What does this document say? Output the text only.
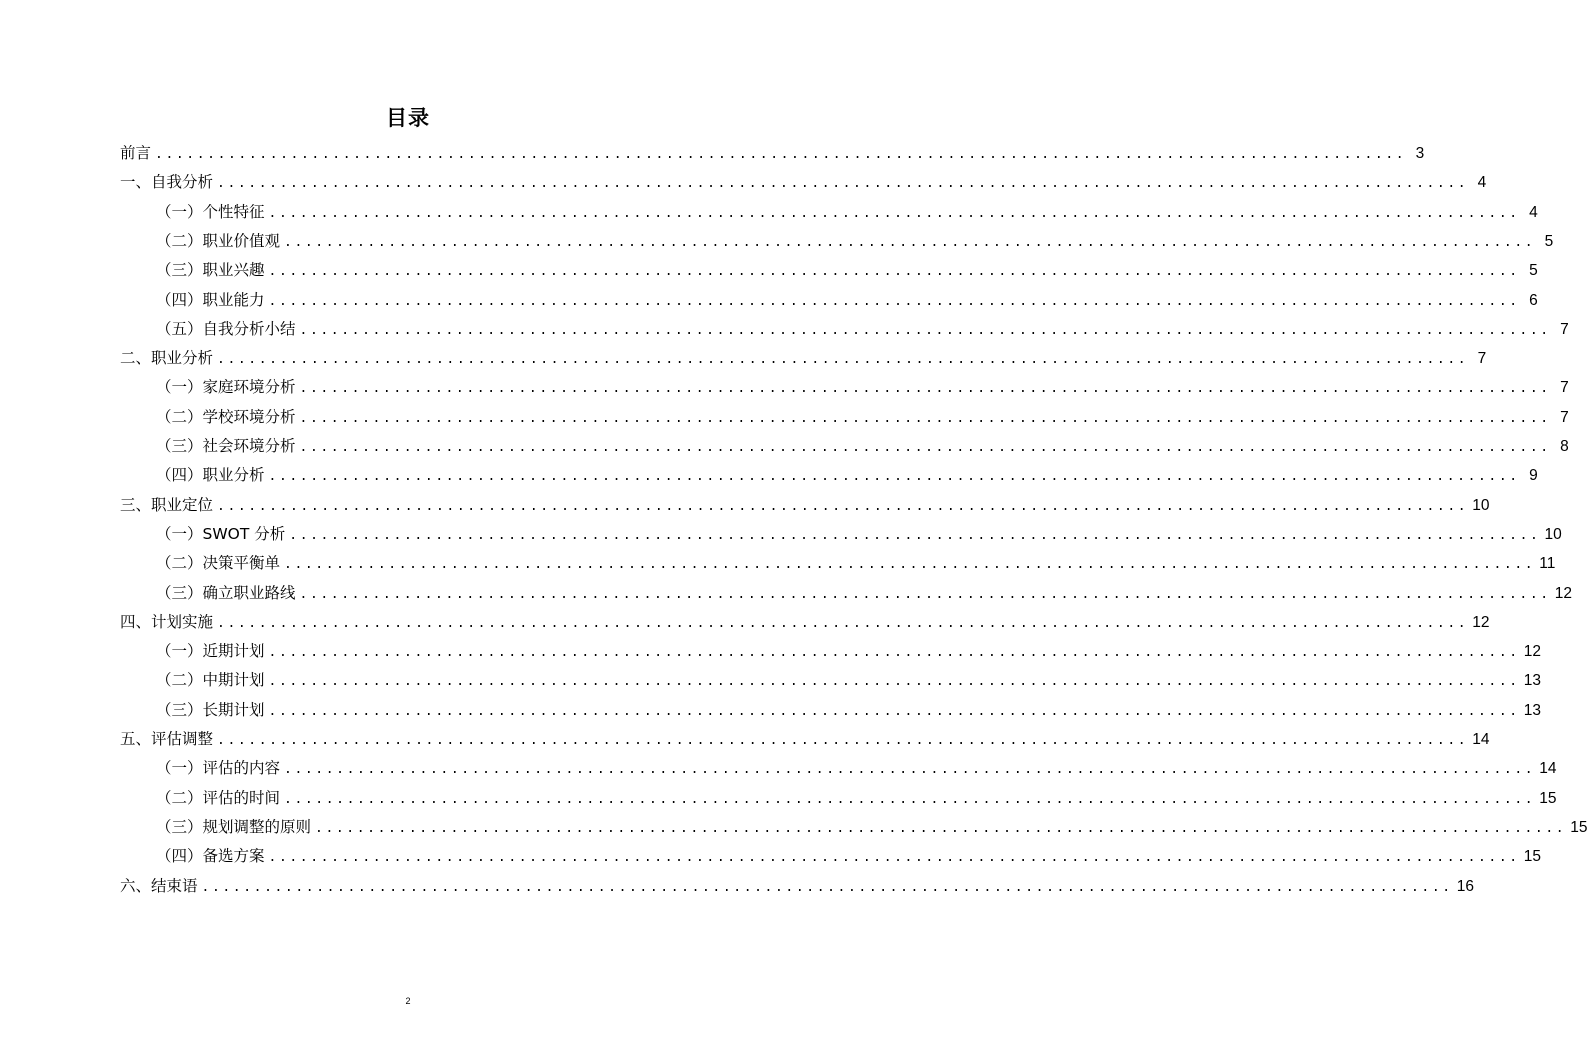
目录
前言 ........................................................................................................................ 3
一、自我分析 ........................................................................................................................ 4
（一）个性特征 ........................................................................................................................ 4
（二）职业价值观 ........................................................................................................................ 5
（三）职业兴趣 ........................................................................................................................ 5
（四）职业能力 ........................................................................................................................ 6
（五）自我分析小结 ........................................................................................................................ 7
二、职业分析 ........................................................................................................................ 7
（一）家庭环境分析 ........................................................................................................................ 7
（二）学校环境分析 ........................................................................................................................ 7
（三）社会环境分析 ........................................................................................................................ 8
（四）职业分析 ........................................................................................................................ 9
三、职业定位 ........................................................................................................................ 10
（一）SWOT 分析 ........................................................................................................................ 10
（二）决策平衡单 ........................................................................................................................ 11
（三）确立职业路线 ........................................................................................................................ 12
四、计划实施 ........................................................................................................................ 12
（一）近期计划 ........................................................................................................................ 12
（二）中期计划 ........................................................................................................................ 13
（三）长期计划 ........................................................................................................................ 13
五、评估调整 ........................................................................................................................ 14
（一）评估的内容 ........................................................................................................................ 14
（二）评估的时间 ........................................................................................................................ 15
（三）规划调整的原则 ........................................................................................................................ 15
（四）备选方案 ........................................................................................................................ 15
六、结束语 ........................................................................................................................ 16
2
